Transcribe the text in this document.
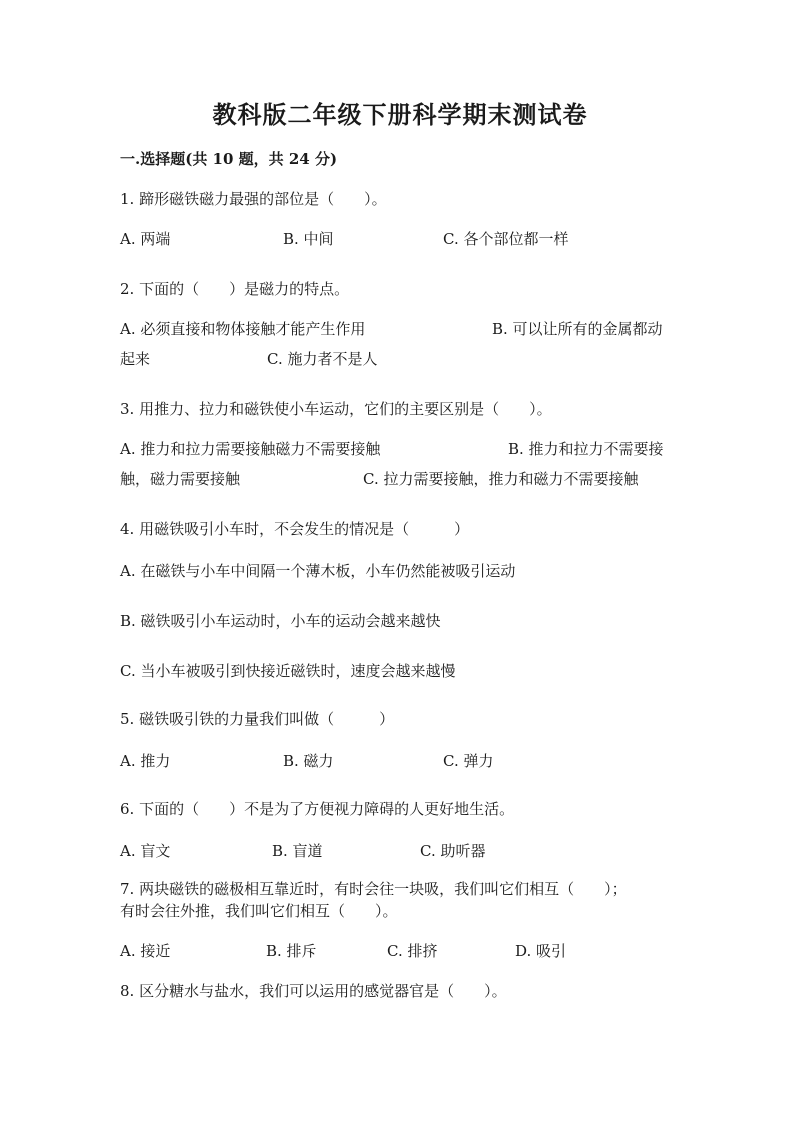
教科版二年级下册科学期末测试卷
一.选择题(共 10 题，共 24 分)
1. 蹄形磁铁磁力最强的部位是（　　）。
A. 两端	B. 中间	C. 各个部位都一样
2. 下面的（　　）是磁力的特点。
A. 必须直接和物体接触才能产生作用	B. 可以让所有的金属都动
起来	C. 施力者不是人
3. 用推力、拉力和磁铁使小车运动，它们的主要区别是（　　）。
A. 推力和拉力需要接触磁力不需要接触	B. 推力和拉力不需要接
触，磁力需要接触	C. 拉力需要接触，推力和磁力不需要接触
4. 用磁铁吸引小车时，不会发生的情况是（　　　）
A. 在磁铁与小车中间隔一个薄木板，小车仍然能被吸引运动
B. 磁铁吸引小车运动时，小车的运动会越来越快
C. 当小车被吸引到快接近磁铁时，速度会越来越慢
5. 磁铁吸引铁的力量我们叫做（　　　）
A. 推力	B. 磁力	C. 弹力
6. 下面的（　　）不是为了方便视力障碍的人更好地生活。
A. 盲文	B. 盲道	C. 助听器
7. 两块磁铁的磁极相互靠近时，有时会往一块吸，我们叫它们相互（　　）；
有时会往外推，我们叫它们相互（　　）。
A. 接近	B. 排斥	C. 排挤	D. 吸引
8. 区分糖水与盐水，我们可以运用的感觉器官是（　　）。
